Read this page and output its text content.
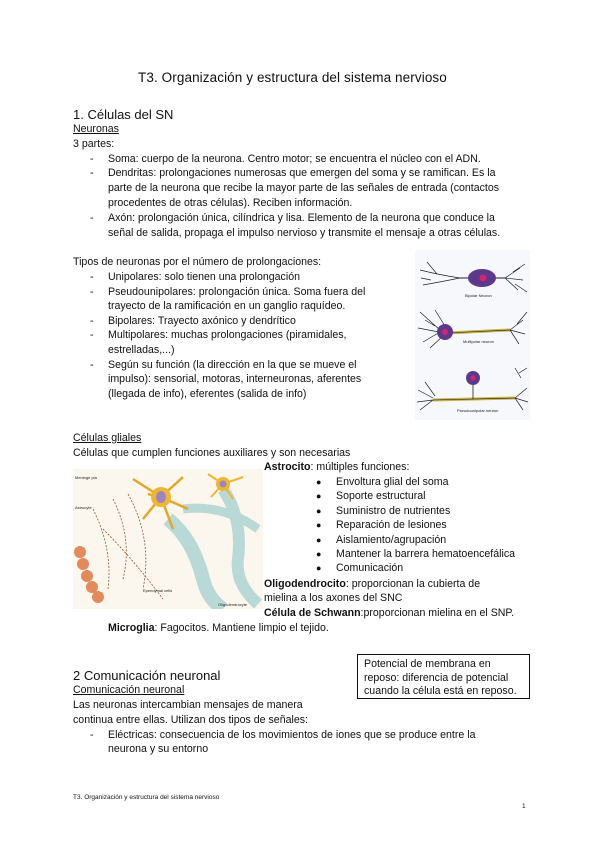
T3. Organización y estructura del sistema nervioso
1. Células del SN
Neuronas
3 partes:
- Soma: cuerpo de la neurona. Centro motor; se encuentra el núcleo con el ADN.
- Dendritas: prolongaciones numerosas que emergen del soma y se ramifican. Es la
parte de la neurona que recibe la mayor parte de las señales de entrada (contactos
procedentes de otras células). Reciben información.
- Axón: prolongación única, cilíndrica y lisa. Elemento de la neurona que conduce la
señal de salida, propaga el impulso nervioso y transmite el mensaje a otras células.
Tipos de neuronas por el número de prolongaciones:
- Unipolares: solo tienen una prolongación
- Pseudounipolares: prolongación única. Soma fuera del
trayecto de la ramificación en un ganglio raquídeo.
- Bipolares: Trayecto axónico y dendrítico
- Multipolares: muchas prolongaciones (piramidales,
estrelladas,...)
- Según su función (la dirección en la que se mueve el
impulso): sensorial, motoras, interneuronas, aferentes
(llegada de info), eferentes (salida de info)
Bipolar Neuron
Multipolar neuron
Pseudounipolar neuron
Células gliales
Células que cumplen funciones auxiliares y son necesarias
Meninge pia
Astrocyte
Ependymal cells
Oligodendrocyte
Astrocito: múltiples funciones:
● Envoltura glial del soma
● Soporte estructural
● Suministro de nutrientes
● Reparación de lesiones
● Aislamiento/agrupación
● Mantener la barrera hematoencefálica
● Comunicación
Oligodendrocito: proporcionan la cubierta de
mielina a los axones del SNC
Célula de Schwann:proporcionan mielina en el SNP.
Microglia: Fagocitos. Mantiene limpio el tejido.
Potencial de membrana en
reposo: diferencia de potencial
cuando la célula está en reposo.
2 Comunicación neuronal
Comunicación neuronal
Las neuronas intercambian mensajes de manera
continua entre ellas. Utilizan dos tipos de señales:
- Eléctricas: consecuencia de los movimientos de iones que se produce entre la
neurona y su entorno
T3. Organización y estructura del sistema nervioso
1
